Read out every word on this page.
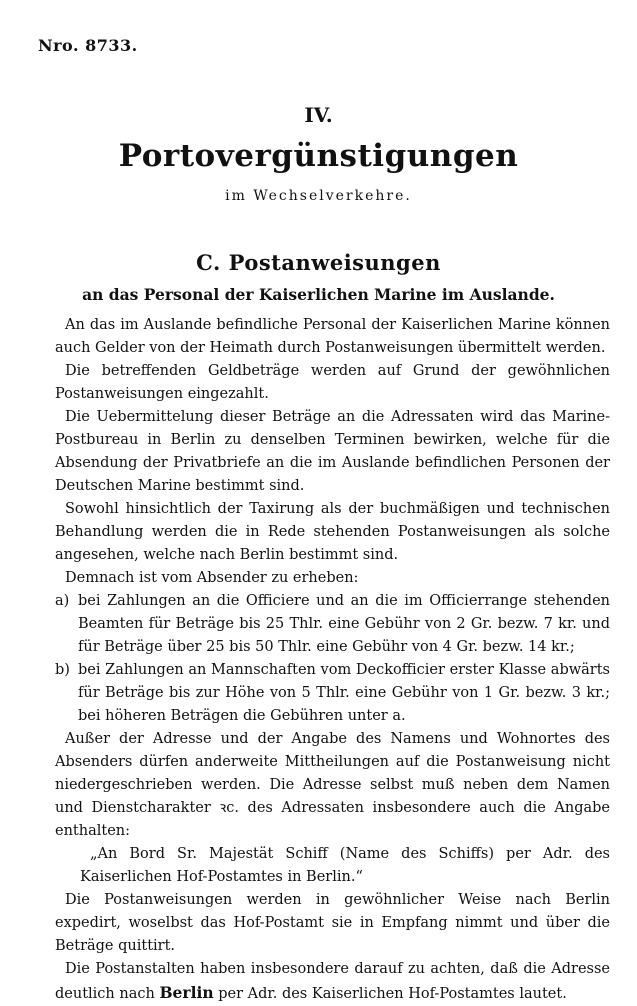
Nro. 8733.
IV.
Portovergünstigungen
im Wechselverkehre.
C. Postanweisungen
an das Personal der Kaiserlichen Marine im Auslande.

An das im Auslande befindliche Personal der Kaiserlichen Marine können auch Gelder von der Heimath durch Postanweisungen übermittelt werden.

Die betreffenden Geldbeträge werden auf Grund der gewöhnlichen Postanweisungen eingezahlt.

Die Uebermittelung dieser Beträge an die Adressaten wird das Marine-Postbureau in Berlin zu denselben Terminen bewirken, welche für die Absendung der Privatbriefe an die im Auslande befindlichen Personen der Deutschen Marine bestimmt sind.

Sowohl hinsichtlich der Taxirung als der buchmäßigen und technischen Behandlung werden die in Rede stehenden Postanweisungen als solche angesehen, welche nach Berlin bestimmt sind.

Demnach ist vom Absender zu erheben:

a) bei Zahlungen an die Officiere und an die im Officierrange stehenden Beamten für Beträge bis 25 Thlr. eine Gebühr von 2 Gr. bezw. 7 kr. und für Beträge über 25 bis 50 Thlr. eine Gebühr von 4 Gr. bezw. 14 kr.;

b) bei Zahlungen an Mannschaften vom Deckofficier erster Klasse abwärts für Beträge bis zur Höhe von 5 Thlr. eine Gebühr von 1 Gr. bezw. 3 kr.; bei höheren Beträgen die Gebühren unter a.

Außer der Adresse und der Angabe des Namens und Wohnortes des Absenders dürfen anderweite Mittheilungen auf die Postanweisung nicht niedergeschrieben werden. Die Adresse selbst muß neben dem Namen und Dienstcharakter ꝛc. des Adressaten insbesondere auch die Angabe enthalten:

„An Bord Sr. Majestät Schiff (Name des Schiffs) per Adr. des Kaiserlichen Hof-Postamtes in Berlin.“

Die Postanweisungen werden in gewöhnlicher Weise nach Berlin expedirt, woselbst das Hof-Postamt sie in Empfang nimmt und über die Beträge quittirt.

Die Postanstalten haben insbesondere darauf zu achten, daß die Adresse deutlich nach Berlin per Adr. des Kaiserlichen Hof-Postamtes lautet.
